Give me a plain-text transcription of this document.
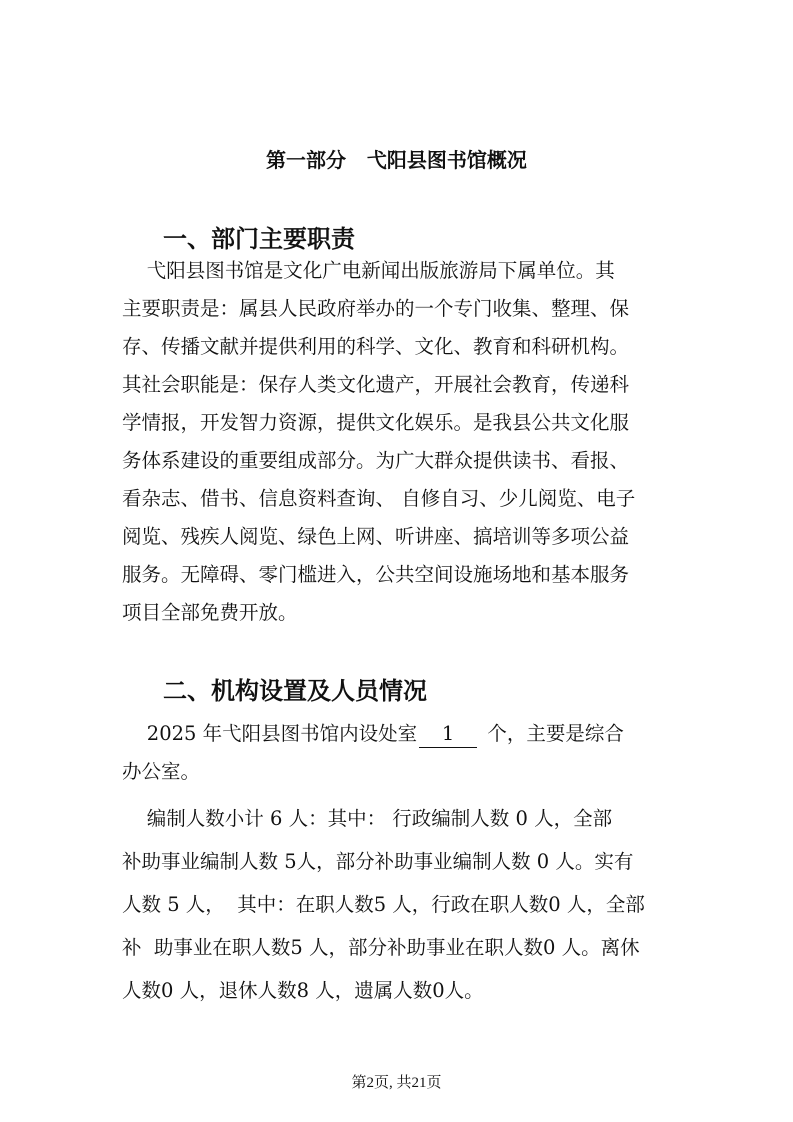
第一部分   弋阳县图书馆概况
一、部门主要职责

弋阳县图书馆是文化广电新闻出版旅游局下属单位。其
主要职责是：属县人民政府举办的一个专门收集、整理、保
存、传播文献并提供利用的科学、文化、教育和科研机构。
其社会职能是：保存人类文化遗产，开展社会教育，传递科
学情报，开发智力资源，提供文化娱乐。是我县公共文化服
务体系建设的重要组成部分。为广大群众提供读书、看报、
看杂志、借书、信息资料查询、 自修自习、少儿阅览、电子
阅览、残疾人阅览、绿色上网、听讲座、搞培训等多项公益
服务。无障碍、零门槛进入，公共空间设施场地和基本服务
项目全部免费开放。

二、机构设置及人员情况

2025 年弋阳县图书馆内设处室 1 个，主要是综合
办公室。

编制人数小计 6 人：其中： 行政编制人数 0 人，全部
补助事业编制人数 5人，部分补助事业编制人数 0 人。实有
人数 5 人，  其中：在职人数5 人，行政在职人数0 人，全部
补  助事业在职人数5 人，部分补助事业在职人数0 人。离休
人数0 人，退休人数8 人，遗属人数0人。

第2页, 共21页
